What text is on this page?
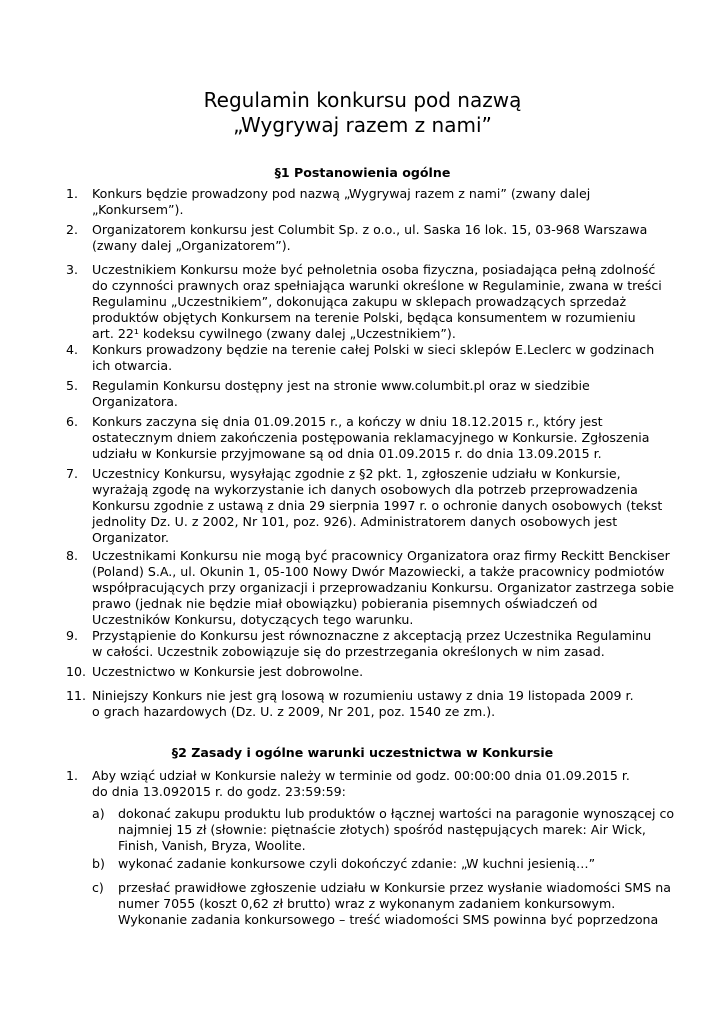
Regulamin konkursu pod nazwą
„Wygrywaj razem z nami”
§1 Postanowienia ogólne
1. Konkurs będzie prowadzony pod nazwą „Wygrywaj razem z nami” (zwany dalej
„Konkursem”).
2. Organizatorem konkursu jest Columbit Sp. z o.o., ul. Saska 16 lok. 15, 03-968 Warszawa
(zwany dalej „Organizatorem”).
3. Uczestnikiem Konkursu może być pełnoletnia osoba fizyczna, posiadająca pełną zdolność
do czynności prawnych oraz spełniająca warunki określone w Regulaminie, zwana w treści
Regulaminu „Uczestnikiem”, dokonująca zakupu w sklepach prowadzących sprzedaż
produktów objętych Konkursem na terenie Polski, będąca konsumentem w rozumieniu
art. 22¹ kodeksu cywilnego (zwany dalej „Uczestnikiem”).
4. Konkurs prowadzony będzie na terenie całej Polski w sieci sklepów E.Leclerc w godzinach
ich otwarcia.
5. Regulamin Konkursu dostępny jest na stronie www.columbit.pl oraz w siedzibie
Organizatora.
6. Konkurs zaczyna się dnia 01.09.2015 r., a kończy w dniu 18.12.2015 r., który jest
ostatecznym dniem zakończenia postępowania reklamacyjnego w Konkursie. Zgłoszenia
udziału w Konkursie przyjmowane są od dnia 01.09.2015 r. do dnia 13.09.2015 r.
7. Uczestnicy Konkursu, wysyłając zgodnie z §2 pkt. 1, zgłoszenie udziału w Konkursie,
wyrażają zgodę na wykorzystanie ich danych osobowych dla potrzeb przeprowadzenia
Konkursu zgodnie z ustawą z dnia 29 sierpnia 1997 r. o ochronie danych osobowych (tekst
jednolity Dz. U. z 2002, Nr 101, poz. 926). Administratorem danych osobowych jest
Organizator.
8. Uczestnikami Konkursu nie mogą być pracownicy Organizatora oraz firmy Reckitt Benckiser
(Poland) S.A., ul. Okunin 1, 05-100 Nowy Dwór Mazowiecki, a także pracownicy podmiotów
współpracujących przy organizacji i przeprowadzaniu Konkursu. Organizator zastrzega sobie
prawo (jednak nie będzie miał obowiązku) pobierania pisemnych oświadczeń od
Uczestników Konkursu, dotyczących tego warunku.
9. Przystąpienie do Konkursu jest równoznaczne z akceptacją przez Uczestnika Regulaminu
w całości. Uczestnik zobowiązuje się do przestrzegania określonych w nim zasad.
10. Uczestnictwo w Konkursie jest dobrowolne.
11. Niniejszy Konkurs nie jest grą losową w rozumieniu ustawy z dnia 19 listopada 2009 r.
o grach hazardowych (Dz. U. z 2009, Nr 201, poz. 1540 ze zm.).
§2 Zasady i ogólne warunki uczestnictwa w Konkursie
1. Aby wziąć udział w Konkursie należy w terminie od godz. 00:00:00 dnia 01.09.2015 r.
do dnia 13.092015 r. do godz. 23:59:59:
a) dokonać zakupu produktu lub produktów o łącznej wartości na paragonie wynoszącej co
najmniej 15 zł (słownie: piętnaście złotych) spośród następujących marek: Air Wick,
Finish, Vanish, Bryza, Woolite.
b) wykonać zadanie konkursowe czyli dokończyć zdanie: „W kuchni jesienią…”
c) przesłać prawidłowe zgłoszenie udziału w Konkursie przez wysłanie wiadomości SMS na
numer 7055 (koszt 0,62 zł brutto) wraz z wykonanym zadaniem konkursowym.
Wykonanie zadania konkursowego – treść wiadomości SMS powinna być poprzedzona
